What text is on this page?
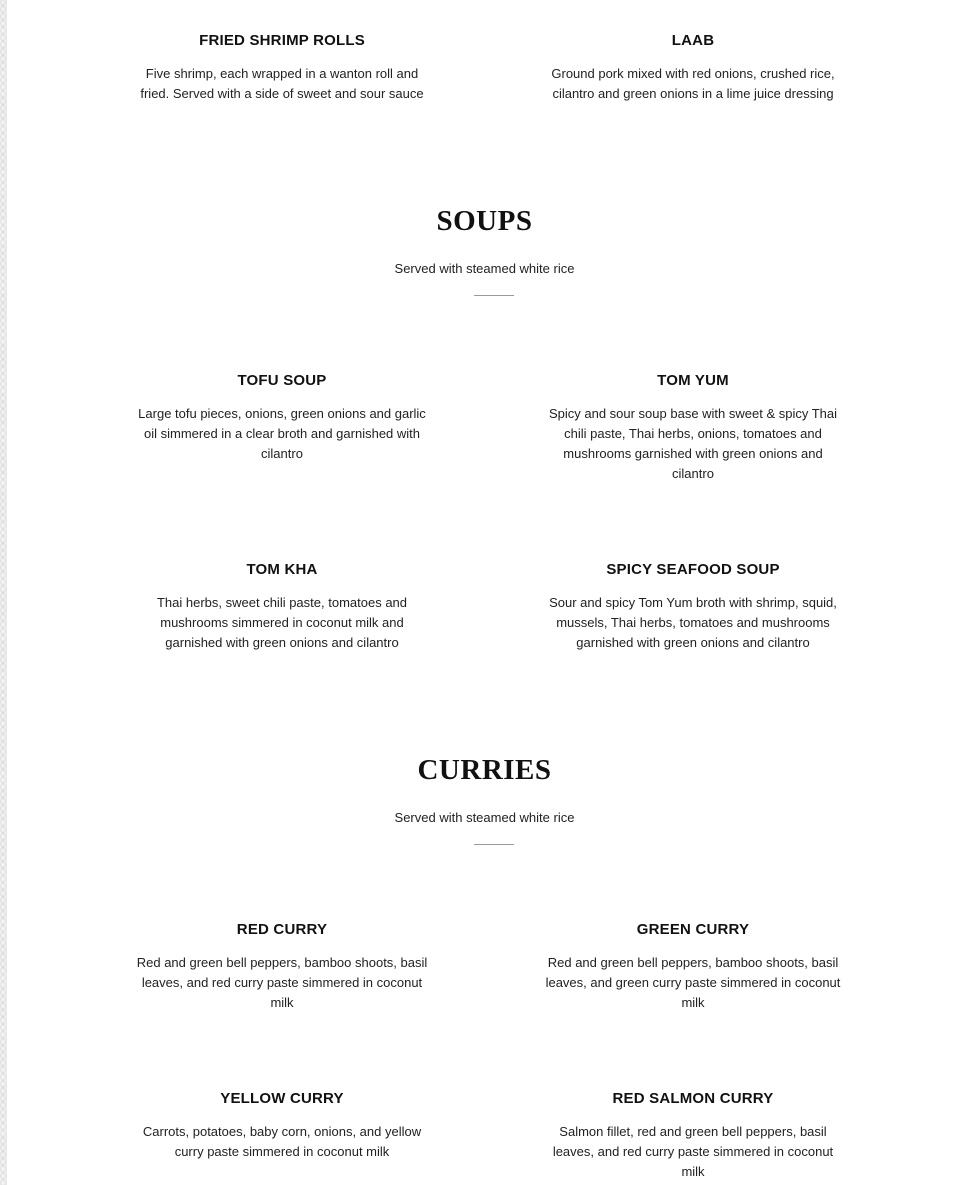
FRIED SHRIMP ROLLS

Five shrimp, each wrapped in a wanton roll and fried. Served with a side of sweet and sour sauce

LAAB

Ground pork mixed with red onions, crushed rice, cilantro and green onions in a lime juice dressing

SOUPS

Served with steamed white rice

TOFU SOUP

Large tofu pieces, onions, green onions and garlic oil simmered in a clear broth and garnished with cilantro

TOM YUM

Spicy and sour soup base with sweet & spicy Thai chili paste, Thai herbs, onions, tomatoes and mushrooms garnished with green onions and cilantro

TOM KHA

Thai herbs, sweet chili paste, tomatoes and mushrooms simmered in coconut milk and garnished with green onions and cilantro

SPICY SEAFOOD SOUP

Sour and spicy Tom Yum broth with shrimp, squid, mussels, Thai herbs, tomatoes and mushrooms garnished with green onions and cilantro

CURRIES

Served with steamed white rice

RED CURRY

Red and green bell peppers, bamboo shoots, basil leaves, and red curry paste simmered in coconut milk

GREEN CURRY

Red and green bell peppers, bamboo shoots, basil leaves, and green curry paste simmered in coconut milk

YELLOW CURRY

Carrots, potatoes, baby corn, onions, and yellow curry paste simmered in coconut milk

RED SALMON CURRY

Salmon fillet, red and green bell peppers, basil leaves, and red curry paste simmered in coconut milk
